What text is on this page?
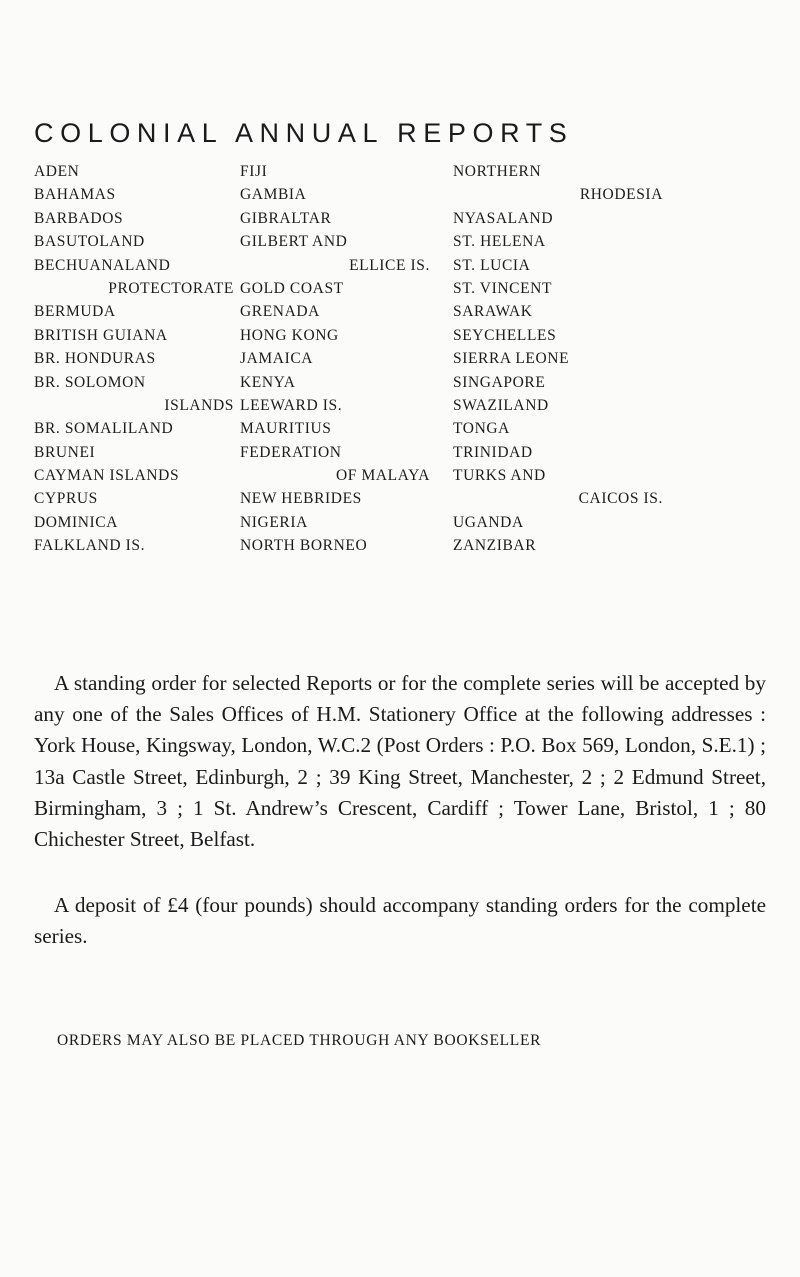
COLONIAL ANNUAL REPORTS
ADEN
BAHAMAS
BARBADOS
BASUTOLAND
BECHUANALAND
PROTECTORATE
BERMUDA
BRITISH GUIANA
BR. HONDURAS
BR. SOLOMON
ISLANDS
BR. SOMALILAND
BRUNEI
CAYMAN ISLANDS
CYPRUS
DOMINICA
FALKLAND IS.
FIJI
GAMBIA
GIBRALTAR
GILBERT AND
ELLICE IS.
GOLD COAST
GRENADA
HONG KONG
JAMAICA
KENYA
LEEWARD IS.
MAURITIUS
FEDERATION
OF MALAYA
NEW HEBRIDES
NIGERIA
NORTH BORNEO
NORTHERN
RHODESIA
NYASALAND
ST. HELENA
ST. LUCIA
ST. VINCENT
SARAWAK
SEYCHELLES
SIERRA LEONE
SINGAPORE
SWAZILAND
TONGA
TRINIDAD
TURKS AND
CAICOS IS.
UGANDA
ZANZIBAR
A standing order for selected Reports or for the complete series will be accepted by any one of the Sales Offices of H.M. Stationery Office at the following addresses : York House, Kingsway, London, W.C.2 (Post Orders : P.O. Box 569, London, S.E.1) ; 13a Castle Street, Edinburgh, 2 ; 39 King Street, Manchester, 2 ; 2 Edmund Street, Birmingham, 3 ; 1 St. Andrew’s Crescent, Cardiff ; Tower Lane, Bristol, 1 ; 80 Chichester Street, Belfast.
A deposit of £4 (four pounds) should accompany standing orders for the complete series.
ORDERS MAY ALSO BE PLACED THROUGH ANY BOOKSELLER
